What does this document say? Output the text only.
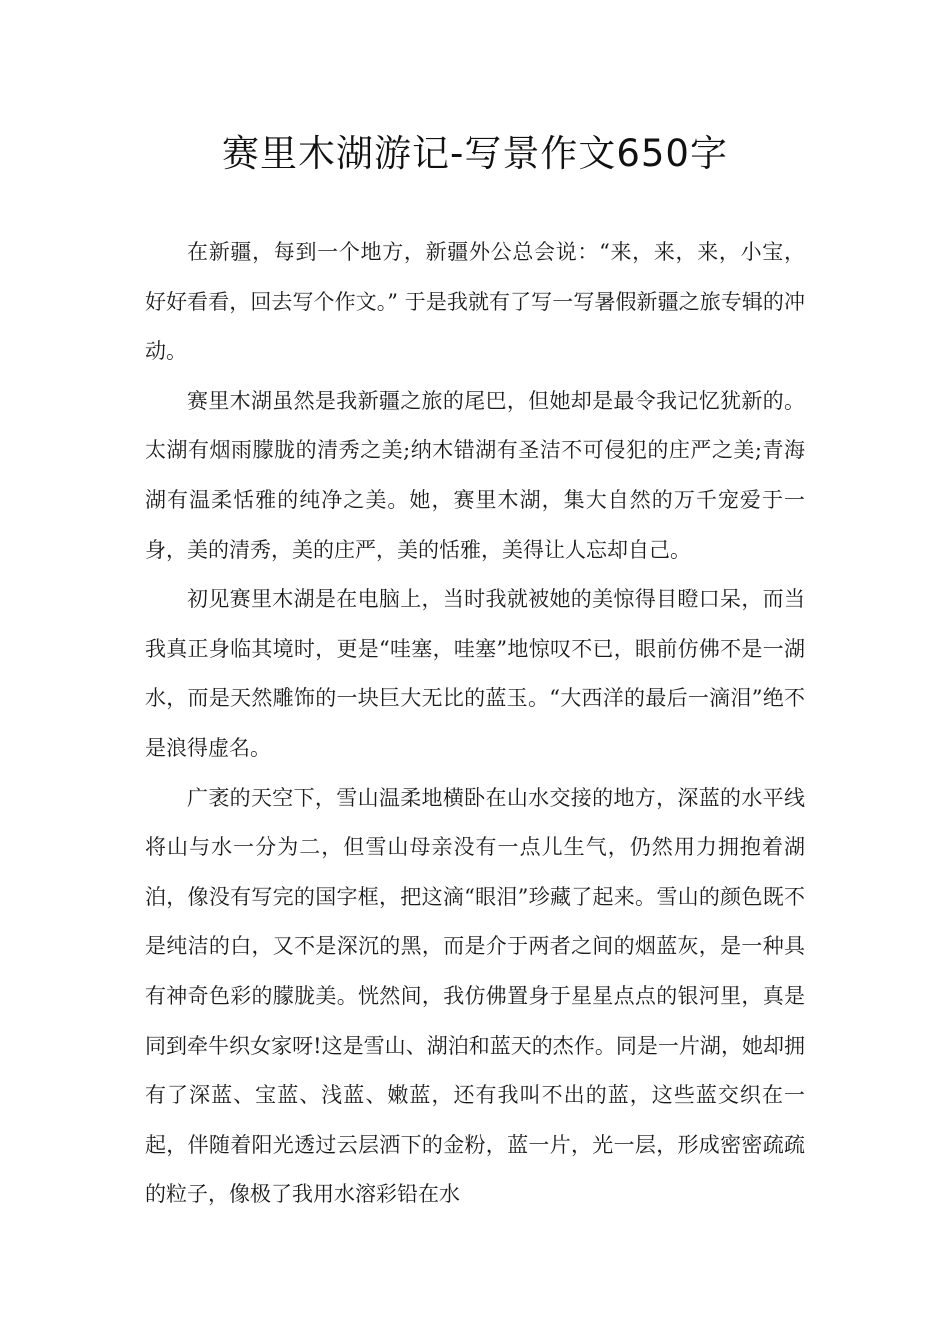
赛里木湖游记-写景作文650字

在新疆，每到一个地方，新疆外公总会说：“来，来，来，小宝，好好看看，回去写个作文。” 于是我就有了写一写暑假新疆之旅专辑的冲动。

赛里木湖虽然是我新疆之旅的尾巴，但她却是最令我记忆犹新的。太湖有烟雨朦胧的清秀之美;纳木错湖有圣洁不可侵犯的庄严之美;青海湖有温柔恬雅的纯净之美。她，赛里木湖，集大自然的万千宠爱于一身，美的清秀，美的庄严，美的恬雅，美得让人忘却自己。

初见赛里木湖是在电脑上，当时我就被她的美惊得目瞪口呆，而当我真正身临其境时，更是“哇塞，哇塞”地惊叹不已，眼前仿佛不是一湖水，而是天然雕饰的一块巨大无比的蓝玉。“大西洋的最后一滴泪”绝不是浪得虚名。

广袤的天空下，雪山温柔地横卧在山水交接的地方，深蓝的水平线将山与水一分为二，但雪山母亲没有一点儿生气，仍然用力拥抱着湖泊，像没有写完的国字框，把这滴“眼泪”珍藏了起来。雪山的颜色既不是纯洁的白，又不是深沉的黑，而是介于两者之间的烟蓝灰，是一种具有神奇色彩的朦胧美。恍然间，我仿佛置身于星星点点的银河里，真是同到牵牛织女家呀!这是雪山、湖泊和蓝天的杰作。同是一片湖，她却拥有了深蓝、宝蓝、浅蓝、嫩蓝，还有我叫不出的蓝，这些蓝交织在一起，伴随着阳光透过云层洒下的金粉，蓝一片，光一层，形成密密疏疏的粒子，像极了我用水溶彩铅在水
